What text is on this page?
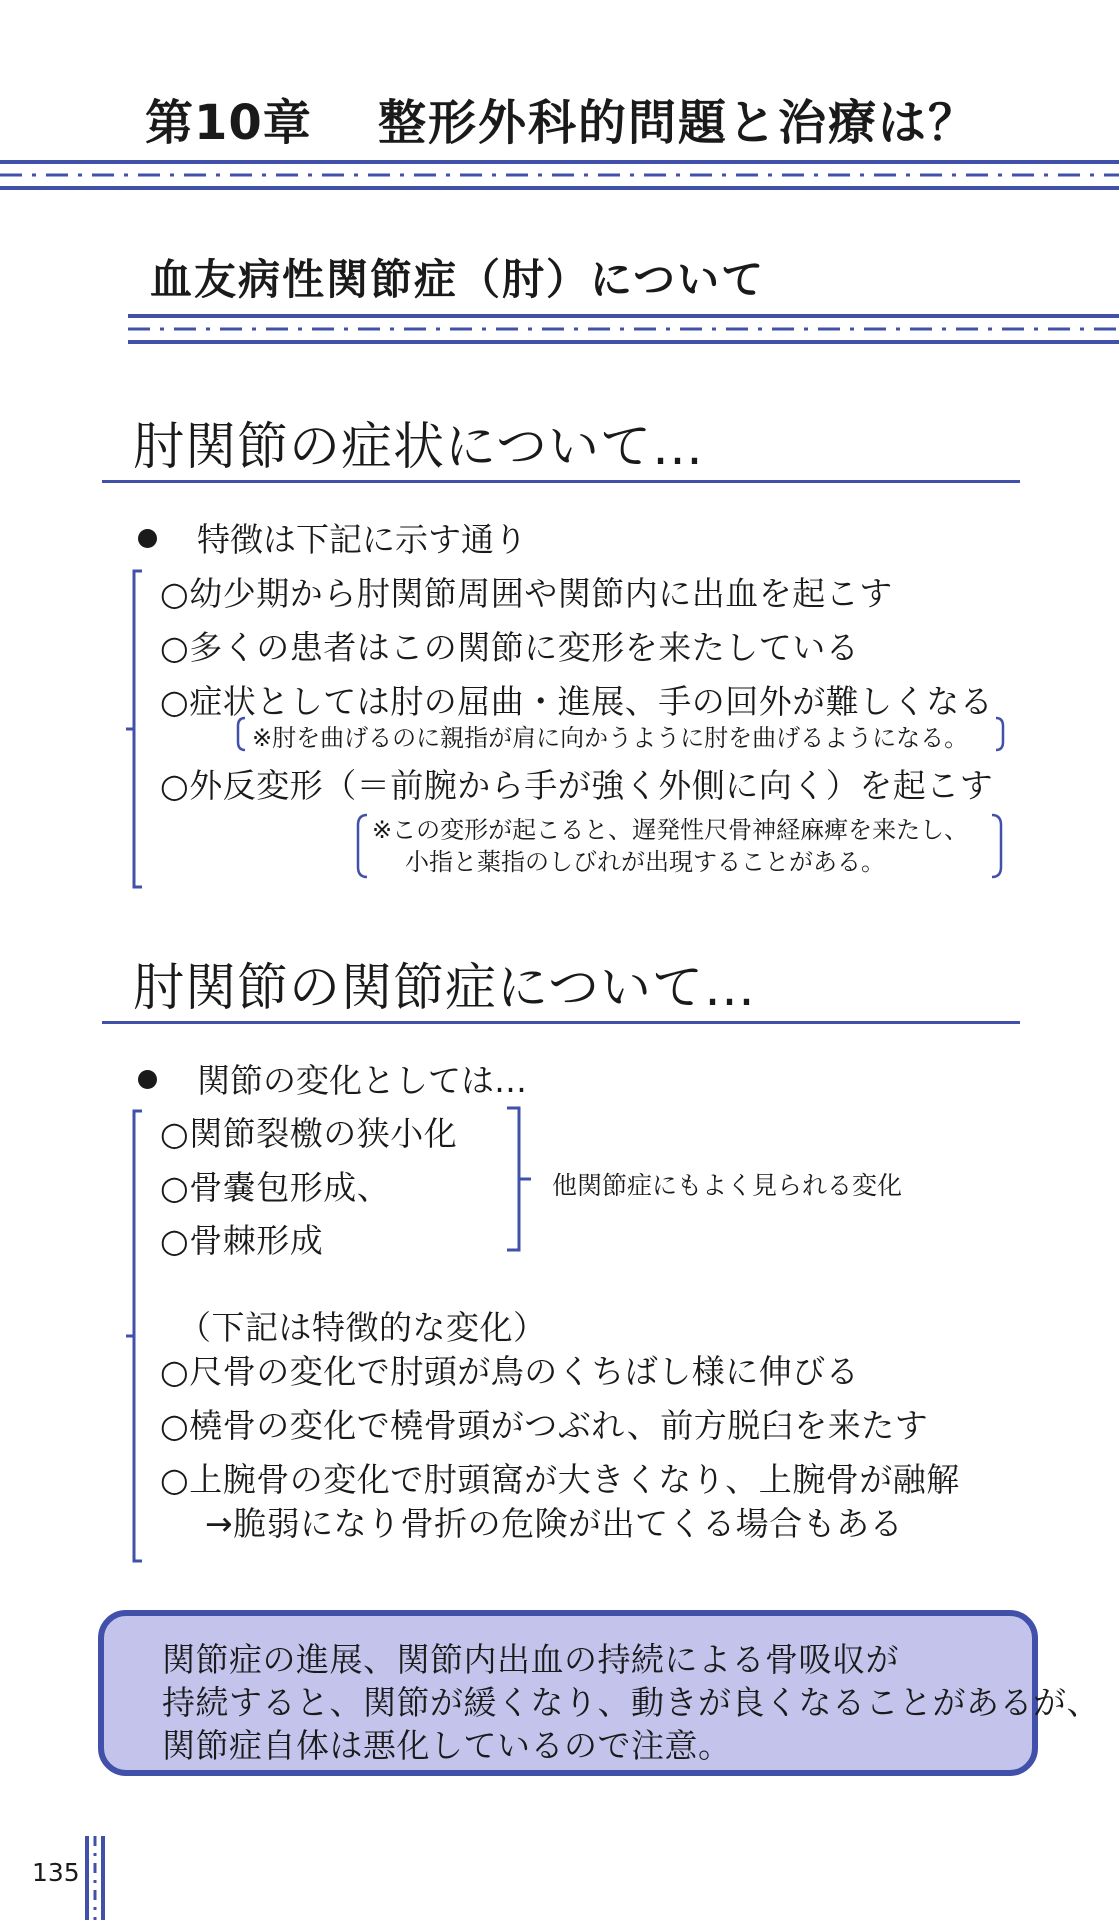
第10章 整形外科的問題と治療は？
血友病性関節症（肘）について
肘関節の症状について…
特徴は下記に示す通り
○幼少期から肘関節周囲や関節内に出血を起こす
○多くの患者はこの関節に変形を来たしている
○症状としては肘の屈曲・進展、手の回外が難しくなる
※肘を曲げるのに親指が肩に向かうように肘を曲げるようになる。
○外反変形（＝前腕から手が強く外側に向く）を起こす
※この変形が起こると、遅発性尺骨神経麻痺を来たし、
小指と薬指のしびれが出現することがある。
肘関節の関節症について…
関節の変化としては…
○関節裂檄の狭小化
○骨嚢包形成、
○骨棘形成
他関節症にもよく見られる変化
（下記は特徴的な変化）
○尺骨の変化で肘頭が鳥のくちばし様に伸びる
○橈骨の変化で橈骨頭がつぶれ、前方脱臼を来たす
○上腕骨の変化で肘頭窩が大きくなり、上腕骨が融解
→脆弱になり骨折の危険が出てくる場合もある
関節症の進展、関節内出血の持続による骨吸収が
持続すると、関節が緩くなり、動きが良くなることがあるが、
関節症自体は悪化しているので注意。
135
